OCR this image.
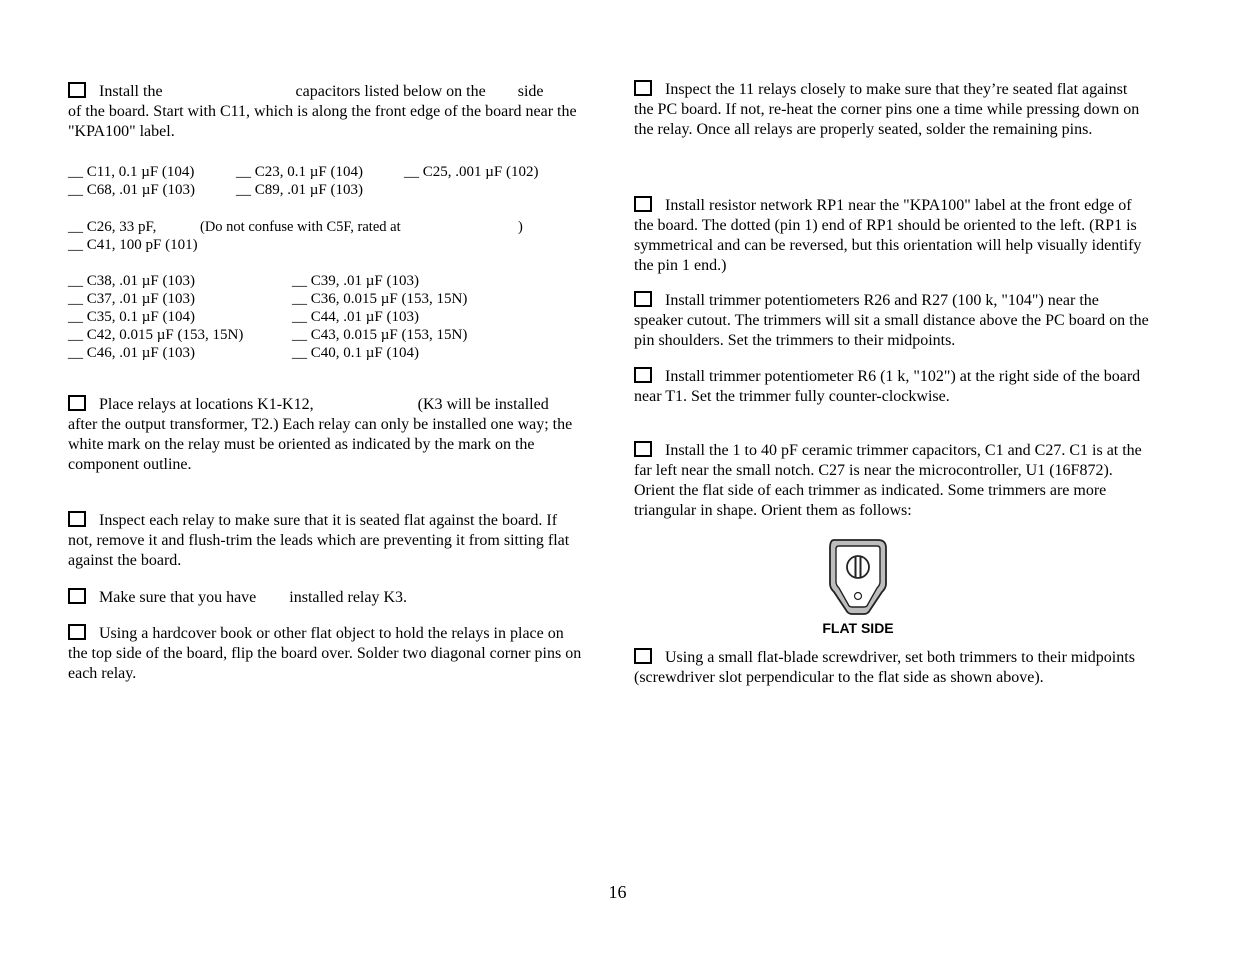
Install the	capacitors listed below on the side
of the board. Start with C11, which is along the front edge of the board near the "KPA100" label.
__ C11, 0.1 µF (104)	__ C23, 0.1 µF (104)	__ C25, .001 µF (102)
__ C68, .01 µF (103)	__ C89, .01 µF (103)
__ C26, 33 pF,	(Do not confuse with C5F, rated at	)
__ C41, 100 pF (101)
__ C38, .01 µF (103)	__ C39, .01 µF (103)
__ C37, .01 µF (103)	__ C36, 0.015 µF (153, 15N)
__ C35, 0.1 µF (104)	__ C44, .01 µF (103)
__ C42, 0.015 µF (153, 15N)	__ C43, 0.015 µF (153, 15N)
__ C46, .01 µF (103)	__ C40, 0.1 µF (104)
Place relays at locations K1-K12,	(K3 will be installed
after the output transformer, T2.) Each relay can only be installed one way; the white mark on the relay must be oriented as indicated by the mark on the component outline.
Inspect each relay to make sure that it is seated flat against the board. If not, remove it and flush-trim the leads which are preventing it from sitting flat against the board.
Make sure that you have installed relay K3.
Using a hardcover book or other flat object to hold the relays in place on the top side of the board, flip the board over. Solder two diagonal corner pins on each relay.
Inspect the 11 relays closely to make sure that they’re seated flat against the PC board. If not, re-heat the corner pins one a time while pressing down on the relay. Once all relays are properly seated, solder the remaining pins.
Install resistor network RP1 near the "KPA100" label at the front edge of the board. The dotted (pin 1) end of RP1 should be oriented to the left. (RP1 is symmetrical and can be reversed, but this orientation will help visually identify the pin 1 end.)
Install trimmer potentiometers R26 and R27 (100 k, "104") near the speaker cutout. The trimmers will sit a small distance above the PC board on the pin shoulders. Set the trimmers to their midpoints.
Install trimmer potentiometer R6 (1 k, "102") at the right side of the board near T1. Set the trimmer fully counter-clockwise.
Install the 1 to 40 pF ceramic trimmer capacitors, C1 and C27. C1 is at the far left near the small notch. C27 is near the microcontroller, U1 (16F872). Orient the flat side of each trimmer as indicated. Some trimmers are more triangular in shape. Orient them as follows:
Using a small flat-blade screwdriver, set both trimmers to their midpoints (screwdriver slot perpendicular to the flat side as shown above).
FLAT SIDE
16
